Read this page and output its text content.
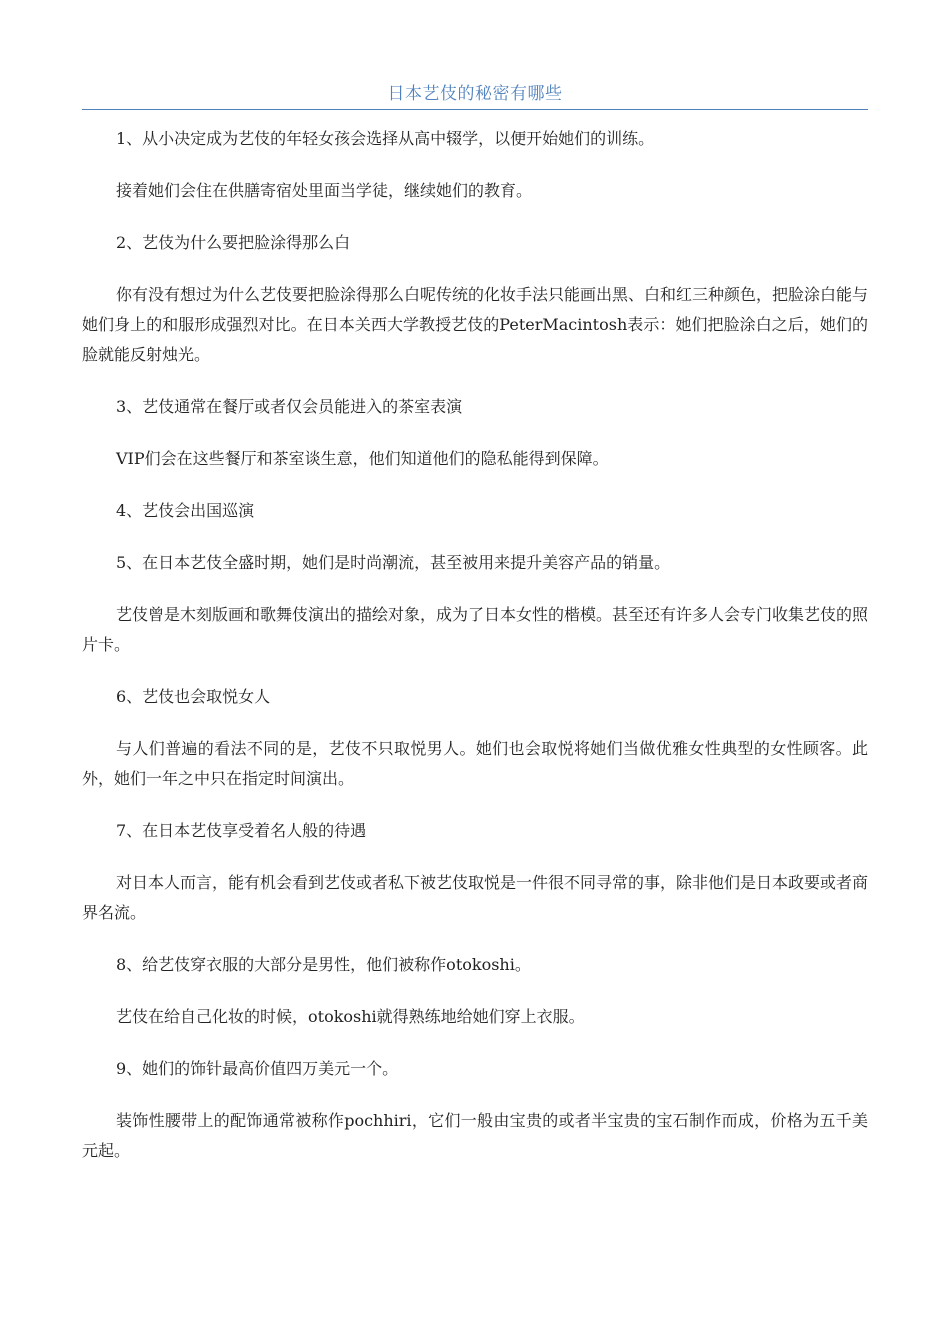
日本艺伎的秘密有哪些

1、从小决定成为艺伎的年轻女孩会选择从高中辍学，以便开始她们的训练。

接着她们会住在供膳寄宿处里面当学徒，继续她们的教育。

2、艺伎为什么要把脸涂得那么白

你有没有想过为什么艺伎要把脸涂得那么白呢传统的化妆手法只能画出黑、白和红三种颜色，把脸涂白能与她们身上的和服形成强烈对比。在日本关西大学教授艺伎的PeterMacintosh表示：她们把脸涂白之后，她们的脸就能反射烛光。

3、艺伎通常在餐厅或者仅会员能进入的茶室表演

VIP们会在这些餐厅和茶室谈生意，他们知道他们的隐私能得到保障。

4、艺伎会出国巡演

5、在日本艺伎全盛时期，她们是时尚潮流，甚至被用来提升美容产品的销量。

艺伎曾是木刻版画和歌舞伎演出的描绘对象，成为了日本女性的楷模。甚至还有许多人会专门收集艺伎的照片卡。

6、艺伎也会取悦女人

与人们普遍的看法不同的是，艺伎不只取悦男人。她们也会取悦将她们当做优雅女性典型的女性顾客。此外，她们一年之中只在指定时间演出。

7、在日本艺伎享受着名人般的待遇

对日本人而言，能有机会看到艺伎或者私下被艺伎取悦是一件很不同寻常的事，除非他们是日本政要或者商界名流。

8、给艺伎穿衣服的大部分是男性，他们被称作otokoshi。

艺伎在给自己化妆的时候，otokoshi就得熟练地给她们穿上衣服。

9、她们的饰针最高价值四万美元一个。

装饰性腰带上的配饰通常被称作pochhiri，它们一般由宝贵的或者半宝贵的宝石制作而成，价格为五千美元起。
